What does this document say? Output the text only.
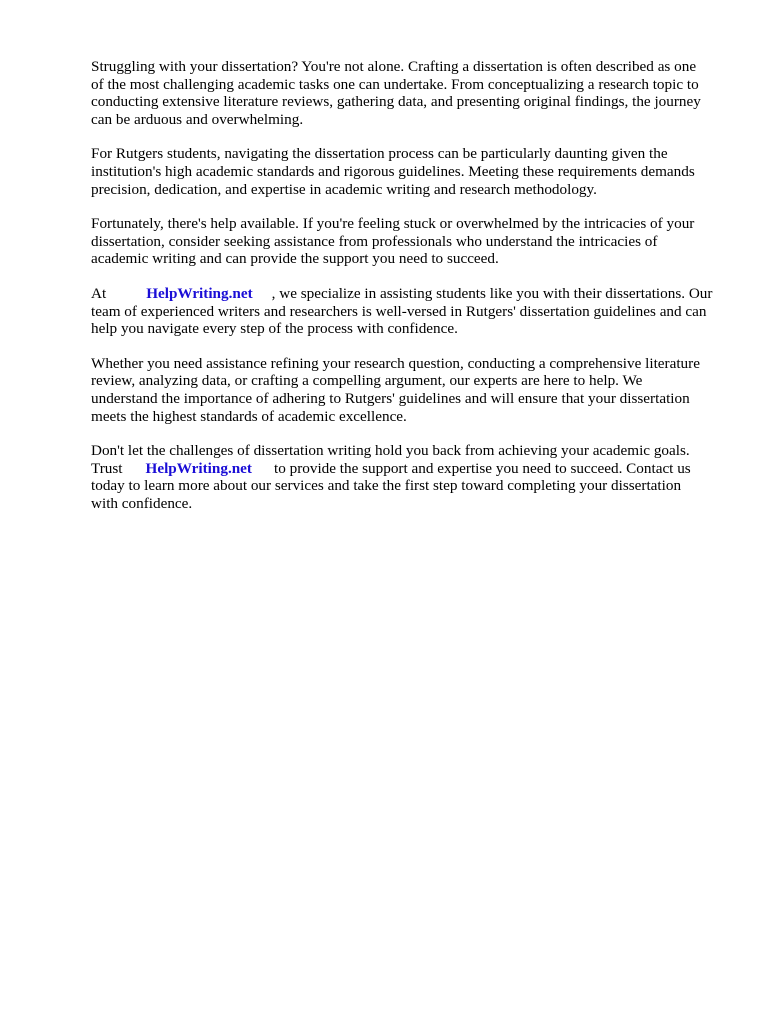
Struggling with your dissertation? You're not alone. Crafting a dissertation is often described as one
of the most challenging academic tasks one can undertake. From conceptualizing a research topic to
conducting extensive literature reviews, gathering data, and presenting original findings, the journey
can be arduous and overwhelming.

For Rutgers students, navigating the dissertation process can be particularly daunting given the
institution's high academic standards and rigorous guidelines. Meeting these requirements demands
precision, dedication, and expertise in academic writing and research methodology.

Fortunately, there's help available. If you're feeling stuck or overwhelmed by the intricacies of your
dissertation, consider seeking assistance from professionals who understand the intricacies of
academic writing and can provide the support you need to succeed.

At	HelpWriting.net , we specialize in assisting students like you with their dissertations. Our
team of experienced writers and researchers is well-versed in Rutgers' dissertation guidelines and can
help you navigate every step of the process with confidence.

Whether you need assistance refining your research question, conducting a comprehensive literature
review, analyzing data, or crafting a compelling argument, our experts are here to help. We
understand the importance of adhering to Rutgers' guidelines and will ensure that your dissertation
meets the highest standards of academic excellence.

Don't let the challenges of dissertation writing hold you back from achieving your academic goals.
Trust HelpWriting.net to provide the support and expertise you need to succeed. Contact us
today to learn more about our services and take the first step toward completing your dissertation
with confidence.
